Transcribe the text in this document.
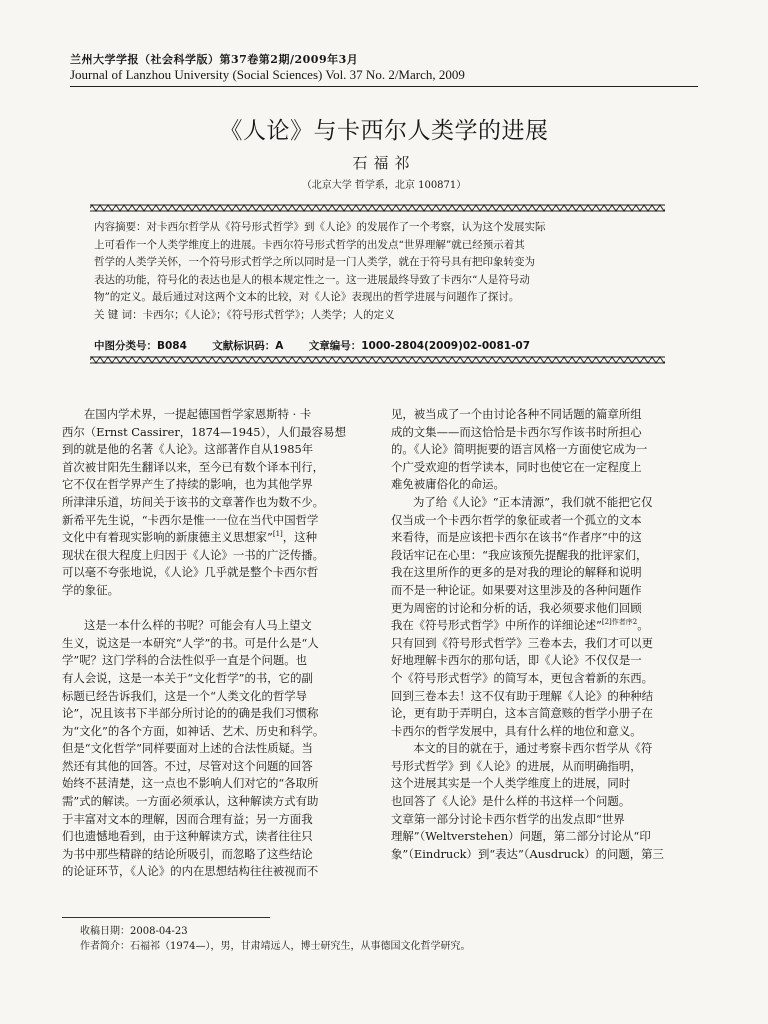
兰州大学学报（社会科学版）第37卷第2期/2009年3月
Journal of Lanzhou University (Social Sciences) Vol. 37 No. 2/March, 2009
《人论》与卡西尔人类学的进展
石福祁
（北京大学 哲学系，北京 100871）
内容摘要：对卡西尔哲学从《符号形式哲学》到《人论》的发展作了一个考察，认为这个发展实际
上可看作一个人类学维度上的进展。卡西尔符号形式哲学的出发点“世界理解”就已经预示着其
哲学的人类学关怀，一个符号形式哲学之所以同时是一门人类学，就在于符号具有把印象转变为
表达的功能，符号化的表达也是人的根本规定性之一。这一进展最终导致了卡西尔“人是符号动
物”的定义。最后通过对这两个文本的比较，对《人论》表现出的哲学进展与问题作了探讨。
关 键 词：卡西尔；《人论》；《符号形式哲学》；人类学；人的定义
中图分类号：B084 文献标识码：A 文章编号：1000-2804(2009)02-0081-07
在国内学术界，一提起德国哲学家恩斯特 · 卡
西尔（Ernst Cassirer，1874—1945），人们最容易想
到的就是他的名著《人论》。这部著作自从1985年
首次被甘阳先生翻译以来，至今已有数个译本刊行，
它不仅在哲学界产生了持续的影响，也为其他学界
所津津乐道，坊间关于该书的文章著作也为数不少。
新希平先生说，“卡西尔是惟一一位在当代中国哲学
文化中有着现实影响的新康德主义思想家”[1]，这种
现状在很大程度上归因于《人论》一书的广泛传播。
可以毫不夸张地说，《人论》几乎就是整个卡西尔哲
学的象征。
这是一本什么样的书呢？可能会有人马上望文
生义，说这是一本研究“人学”的书。可是什么是“人
学”呢？这门学科的合法性似乎一直是个问题。也
有人会说，这是一本关于“文化哲学”的书，它的副
标题已经告诉我们，这是一个“人类文化的哲学导
论”，况且该书下半部分所讨论的的确是我们习惯称
为“文化”的各个方面，如神话、艺术、历史和科学。
但是“文化哲学”同样要面对上述的合法性质疑。当
然还有其他的回答。不过，尽管对这个问题的回答
始终不甚清楚，这一点也不影响人们对它的“各取所
需”式的解读。一方面必须承认，这种解读方式有助
于丰富对文本的理解，因而合理有益；另一方面我
们也遗憾地看到，由于这种解读方式，读者往往只
为书中那些精辟的结论所吸引，而忽略了这些结论
的论证环节，《人论》的内在思想结构往往被视而不
见，被当成了一个由讨论各种不同话题的篇章所组
成的文集——而这恰恰是卡西尔写作该书时所担心
的。《人论》简明扼要的语言风格一方面使它成为一
个广受欢迎的哲学读本，同时也使它在一定程度上
难免被庸俗化的命运。
为了给《人论》“正本清源”，我们就不能把它仅
仅当成一个卡西尔哲学的象征或者一个孤立的文本
来看待，而是应该把卡西尔在该书“作者序”中的这
段话牢记在心里：“我应该预先提醒我的批评家们，
我在这里所作的更多的是对我的理论的解释和说明
而不是一种论证。如果要对这里涉及的各种问题作
更为周密的讨论和分析的话，我必须要求他们回顾
我在《符号形式哲学》中所作的详细论述”$^{[2]作者序2}$。
只有回到《符号形式哲学》三卷本去，我们才可以更
好地理解卡西尔的那句话，即《人论》不仅仅是一
个《符号形式哲学》的简写本，更包含着新的东西。
回到三卷本去！这不仅有助于理解《人论》的种种结
论，更有助于弄明白，这本言简意赅的哲学小册子在
卡西尔的哲学发展中，具有什么样的地位和意义。
本文的目的就在于，通过考察卡西尔哲学从《符
号形式哲学》到《人论》的进展，从而明确指明，
这个进展其实是一个人类学维度上的进展，同时
也回答了《人论》是什么样的书这样一个问题。
文章第一部分讨论卡西尔哲学的出发点即“世界
理解”（Weltverstehen）问题，第二部分讨论从“印
象”（Eindruck）到“表达”（Ausdruck）的问题，第三
收稿日期：2008-04-23
作者简介：石福祁（1974—），男，甘肃靖远人，博士研究生，从事德国文化哲学研究。
